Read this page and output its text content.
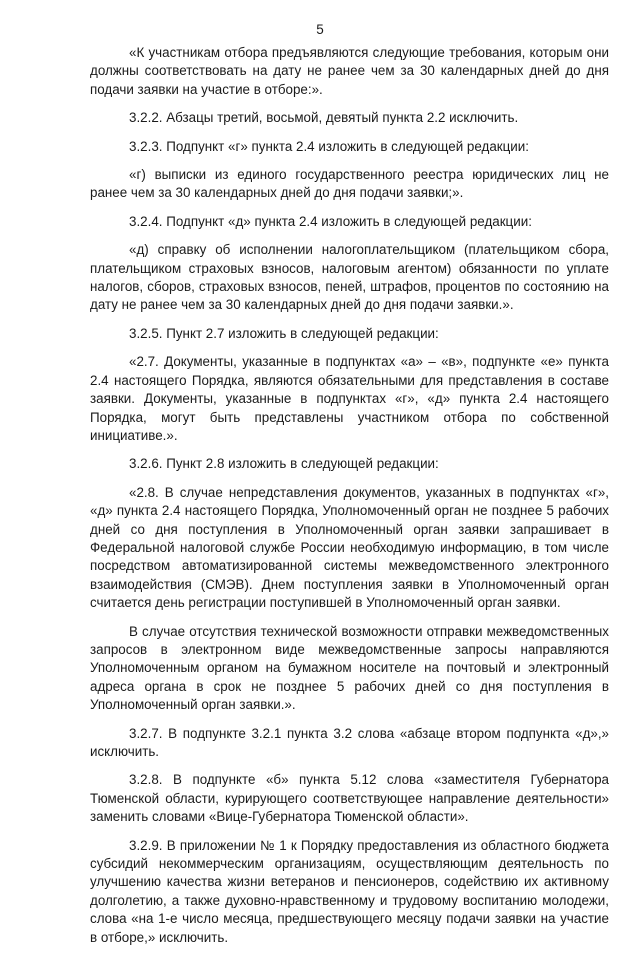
5

«К участникам отбора предъявляются следующие требования, которым они должны соответствовать на дату не ранее чем за 30 календарных дней до дня подачи заявки на участие в отборе:».

3.2.2. Абзацы третий, восьмой, девятый пункта 2.2 исключить.

3.2.3. Подпункт «г» пункта 2.4 изложить в следующей редакции:

«г) выписки из единого государственного реестра юридических лиц не ранее чем за 30 календарных дней до дня подачи заявки;».

3.2.4. Подпункт «д» пункта 2.4 изложить в следующей редакции:

«д) справку об исполнении налогоплательщиком (плательщиком сбора, плательщиком страховых взносов, налоговым агентом) обязанности по уплате налогов, сборов, страховых взносов, пеней, штрафов, процентов по состоянию на дату не ранее чем за 30 календарных дней до дня подачи заявки.».

3.2.5. Пункт 2.7 изложить в следующей редакции:

«2.7. Документы, указанные в подпунктах «а» – «в», подпункте «е» пункта 2.4 настоящего Порядка, являются обязательными для представления в составе заявки. Документы, указанные в подпунктах «г», «д» пункта 2.4 настоящего Порядка, могут быть представлены участником отбора по собственной инициативе.».

3.2.6. Пункт 2.8 изложить в следующей редакции:

«2.8. В случае непредставления документов, указанных в подпунктах «г», «д» пункта 2.4 настоящего Порядка, Уполномоченный орган не позднее 5 рабочих дней со дня поступления в Уполномоченный орган заявки запрашивает в Федеральной налоговой службе России необходимую информацию, в том числе посредством автоматизированной системы межведомственного электронного взаимодействия (СМЭВ). Днем поступления заявки в Уполномоченный орган считается день регистрации поступившей в Уполномоченный орган заявки.

В случае отсутствия технической возможности отправки межведомственных запросов в электронном виде межведомственные запросы направляются Уполномоченным органом на бумажном носителе на почтовый и электронный адреса органа в срок не позднее 5 рабочих дней со дня поступления в Уполномоченный орган заявки.».

3.2.7. В подпункте 3.2.1 пункта 3.2 слова «абзаце втором подпункта «д»,» исключить.

3.2.8. В подпункте «б» пункта 5.12 слова «заместителя Губернатора Тюменской области, курирующего соответствующее направление деятельности» заменить словами «Вице-Губернатора Тюменской области».

3.2.9. В приложении № 1 к Порядку предоставления из областного бюджета субсидий некоммерческим организациям, осуществляющим деятельность по улучшению качества жизни ветеранов и пенсионеров, содействию их активному долголетию, а также духовно-нравственному и трудовому воспитанию молодежи, слова «на 1-е число месяца, предшествующего месяцу подачи заявки на участие в отборе,» исключить.
